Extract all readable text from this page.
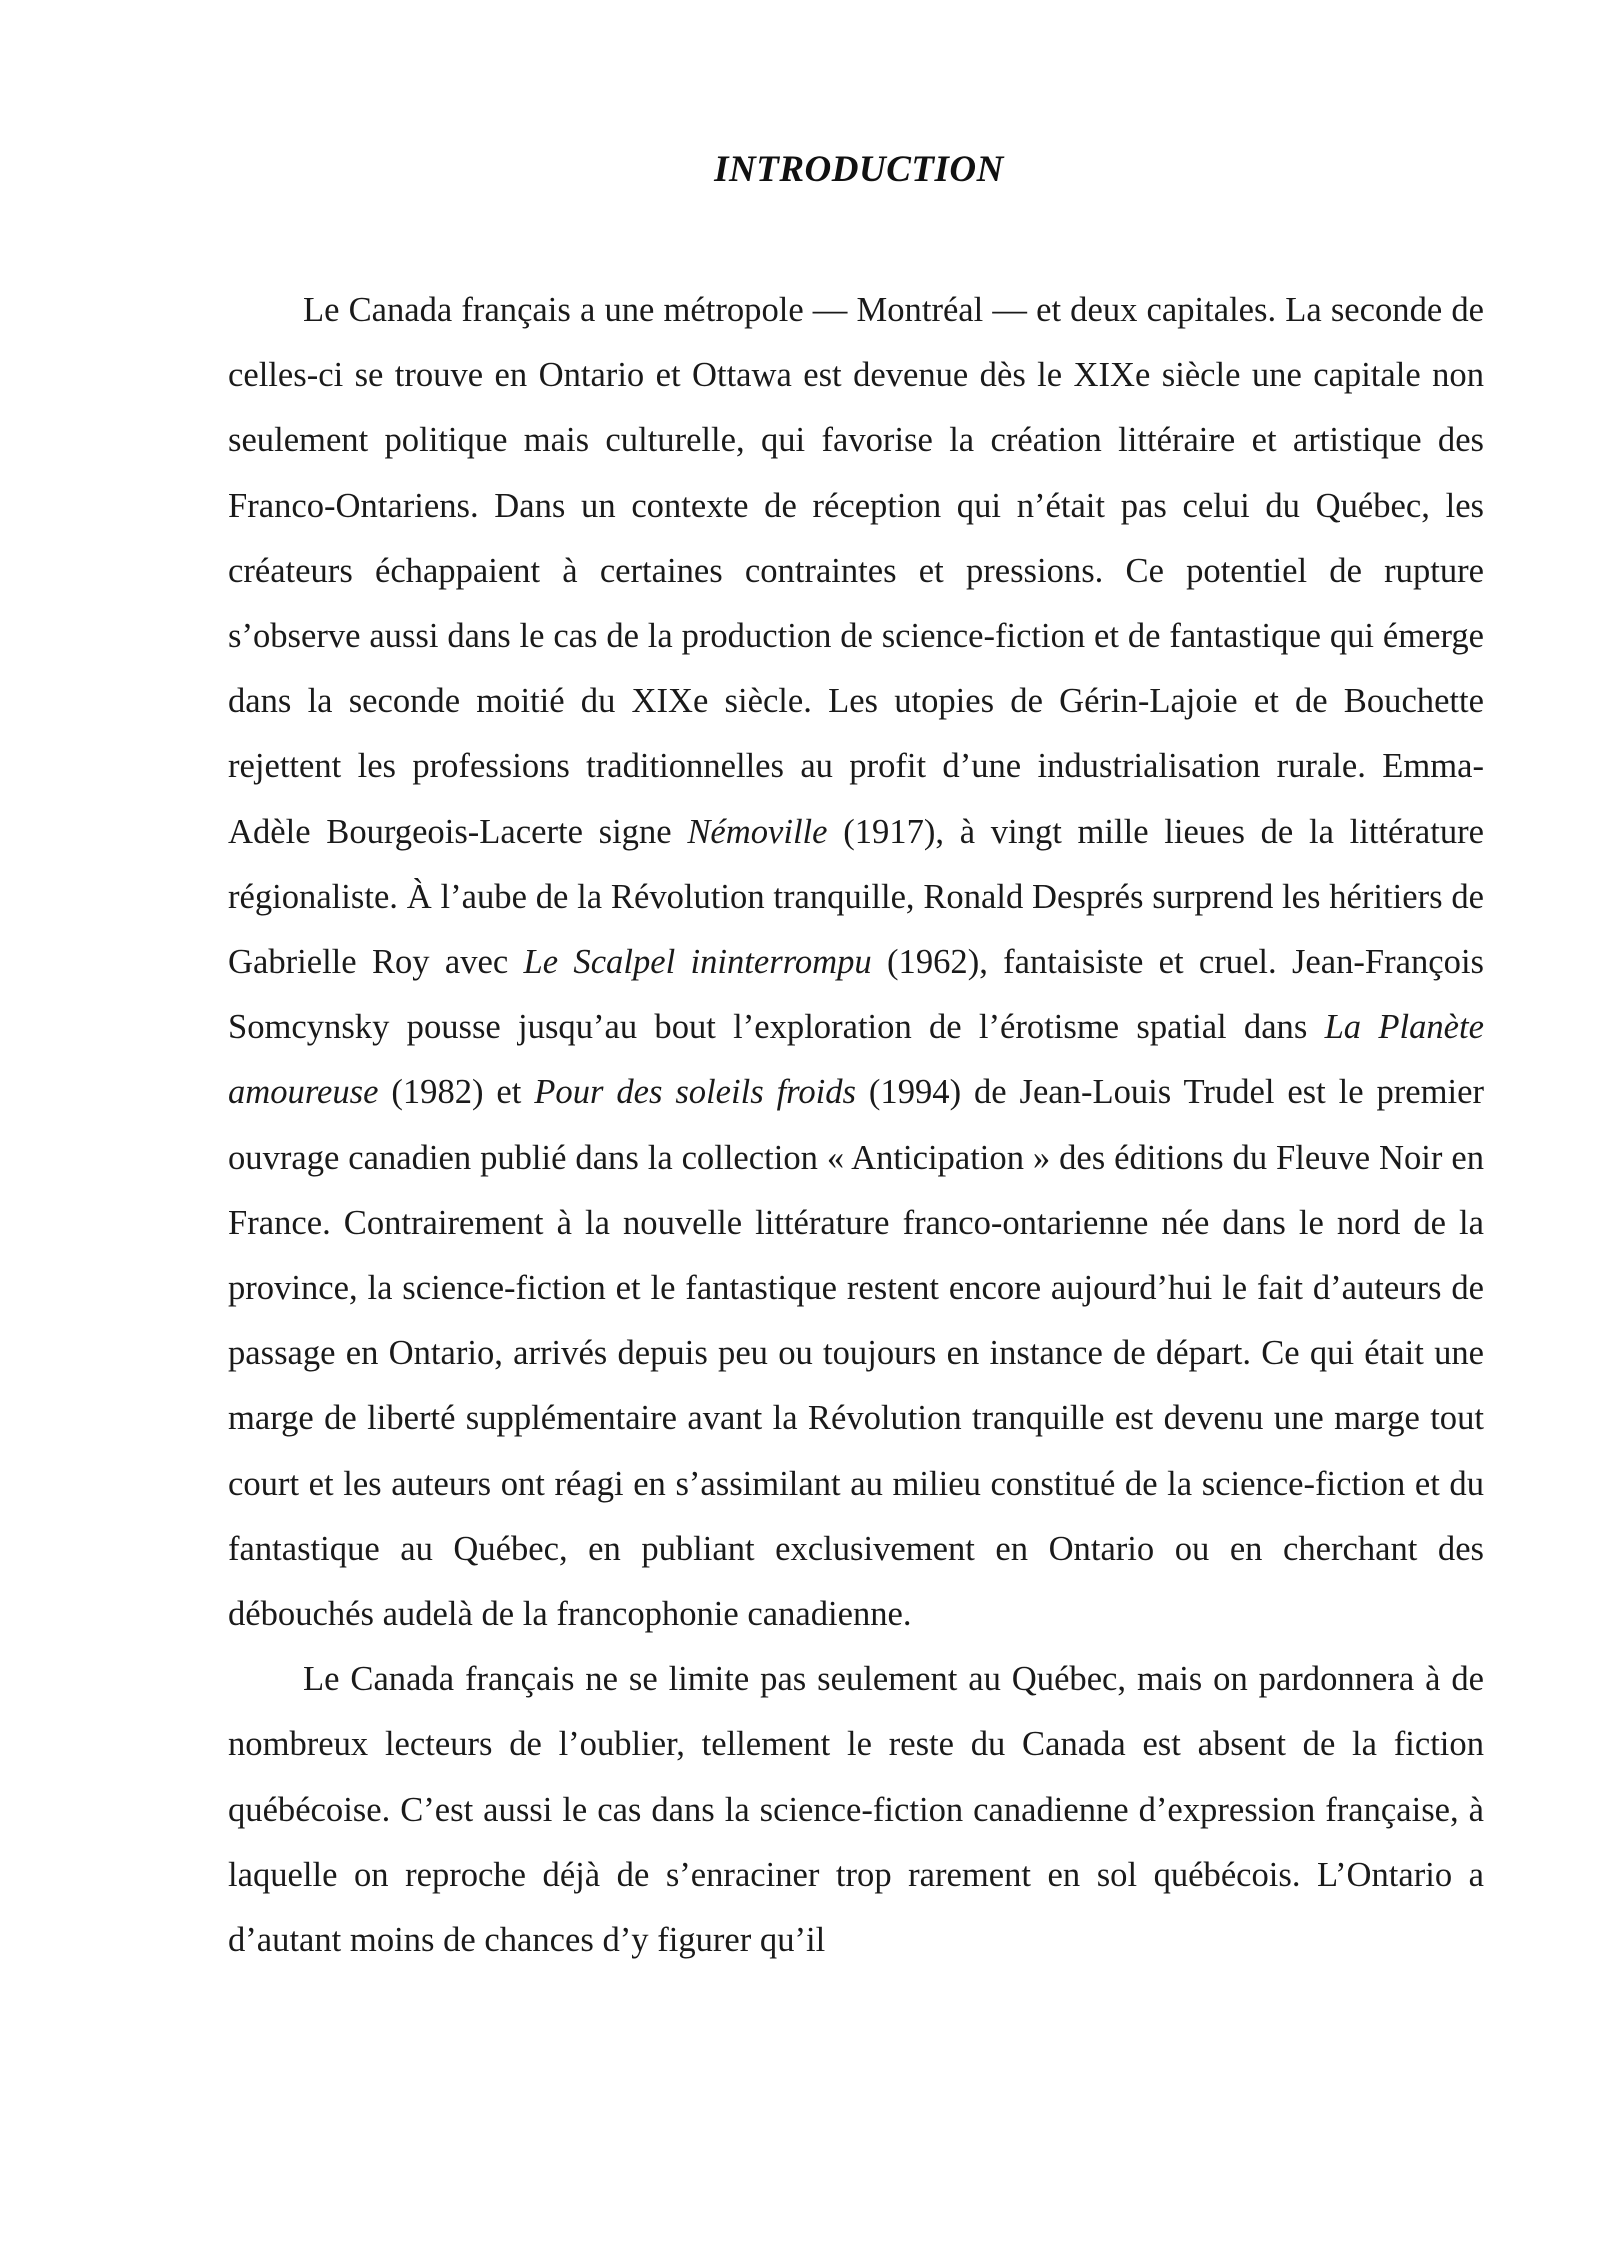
INTRODUCTION

Le Canada français a une métropole — Montréal — et deux capitales. La seconde de celles-ci se trouve en Ontario et Ottawa est devenue dès le XIXe siècle une capitale non seulement politique mais culturelle, qui favorise la création littéraire et artistique des Franco-Ontariens. Dans un contexte de réception qui n’était pas celui du Québec, les créateurs échappaient à certaines contraintes et pressions. Ce potentiel de rupture s’observe aussi dans le cas de la production de science-fiction et de fantastique qui émerge dans la seconde moitié du XIXe siècle. Les utopies de Gérin-Lajoie et de Bouchette rejettent les professions traditionnelles au profit d’une industrialisation rurale. Emma-Adèle Bourgeois-Lacerte signe Némoville (1917), à vingt mille lieues de la littérature régionaliste. À l’aube de la Révolution tranquille, Ronald Després surprend les héritiers de Gabrielle Roy avec Le Scalpel ininterrompu (1962), fantaisiste et cruel. Jean-François Somcynsky pousse jusqu’au bout l’exploration de l’érotisme spatial dans La Planète amoureuse (1982) et Pour des soleils froids (1994) de Jean-Louis Trudel est le premier ouvrage canadien publié dans la collection « Anticipation » des éditions du Fleuve Noir en France. Contrairement à la nouvelle littérature franco-ontarienne née dans le nord de la province, la science-fiction et le fantastique restent encore aujourd’hui le fait d’auteurs de passage en Ontario, arrivés depuis peu ou toujours en instance de départ. Ce qui était une marge de liberté supplémentaire avant la Révolution tranquille est devenu une marge tout court et les auteurs ont réagi en s’assimilant au milieu constitué de la science-fiction et du fantastique au Québec, en publiant exclusivement en Ontario ou en cherchant des débouchés audelà de la francophonie canadienne.

Le Canada français ne se limite pas seulement au Québec, mais on pardonnera à de nombreux lecteurs de l’oublier, tellement le reste du Canada est absent de la fiction québécoise. C’est aussi le cas dans la science-fiction canadienne d’expression française, à laquelle on reproche déjà de s’enraciner trop rarement en sol québécois. L’Ontario a d’autant moins de chances d’y figurer qu’il
